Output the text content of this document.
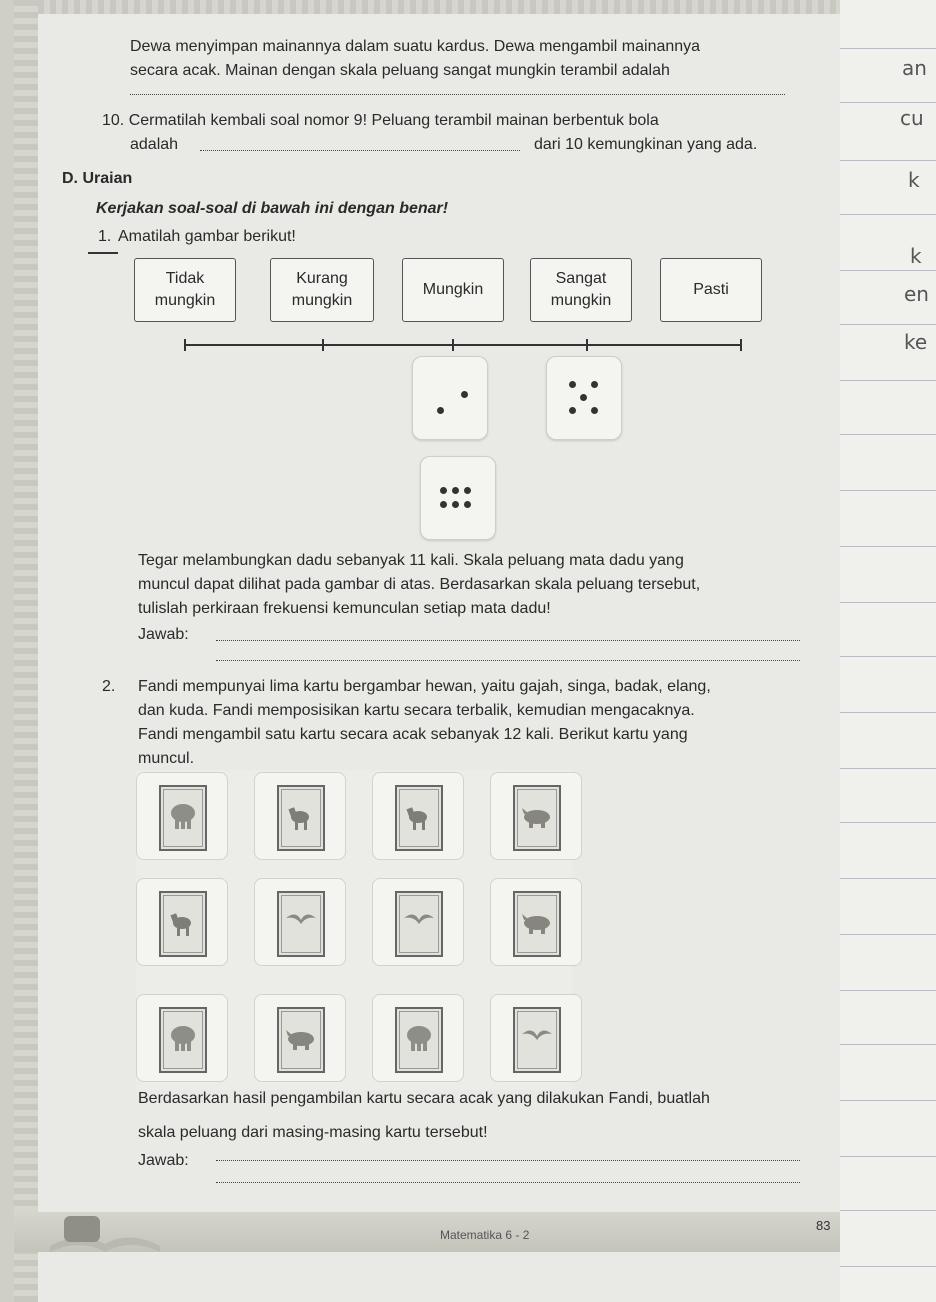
an
cu
k
k
en
ke
Dewa menyimpan mainannya dalam suatu kardus. Dewa mengambil mainannya
secara acak. Mainan dengan skala peluang sangat mungkin terambil adalah
10. Cermatilah kembali soal nomor 9! Peluang terambil mainan berbentuk bola
adalah	dari 10 kemungkinan yang ada.
D. Uraian
Kerjakan soal-soal di bawah ini dengan benar!
1. Amatilah gambar berikut!
Tidak
mungkin
Kurang
mungkin
Mungkin
Sangat
mungkin
Pasti
Tegar melambungkan dadu sebanyak 11 kali. Skala peluang mata dadu yang
muncul dapat dilihat pada gambar di atas. Berdasarkan skala peluang tersebut,
tulislah perkiraan frekuensi kemunculan setiap mata dadu!
Jawab:
2. Fandi mempunyai lima kartu bergambar hewan, yaitu gajah, singa, badak, elang,
dan kuda. Fandi memposisikan kartu secara terbalik, kemudian mengacaknya.
Fandi mengambil satu kartu secara acak sebanyak 12 kali. Berikut kartu yang
muncul.
Berdasarkan hasil pengambilan kartu secara acak yang dilakukan Fandi, buatlah
skala peluang dari masing-masing kartu tersebut!
Jawab:
Matematika 6 - 2
83
